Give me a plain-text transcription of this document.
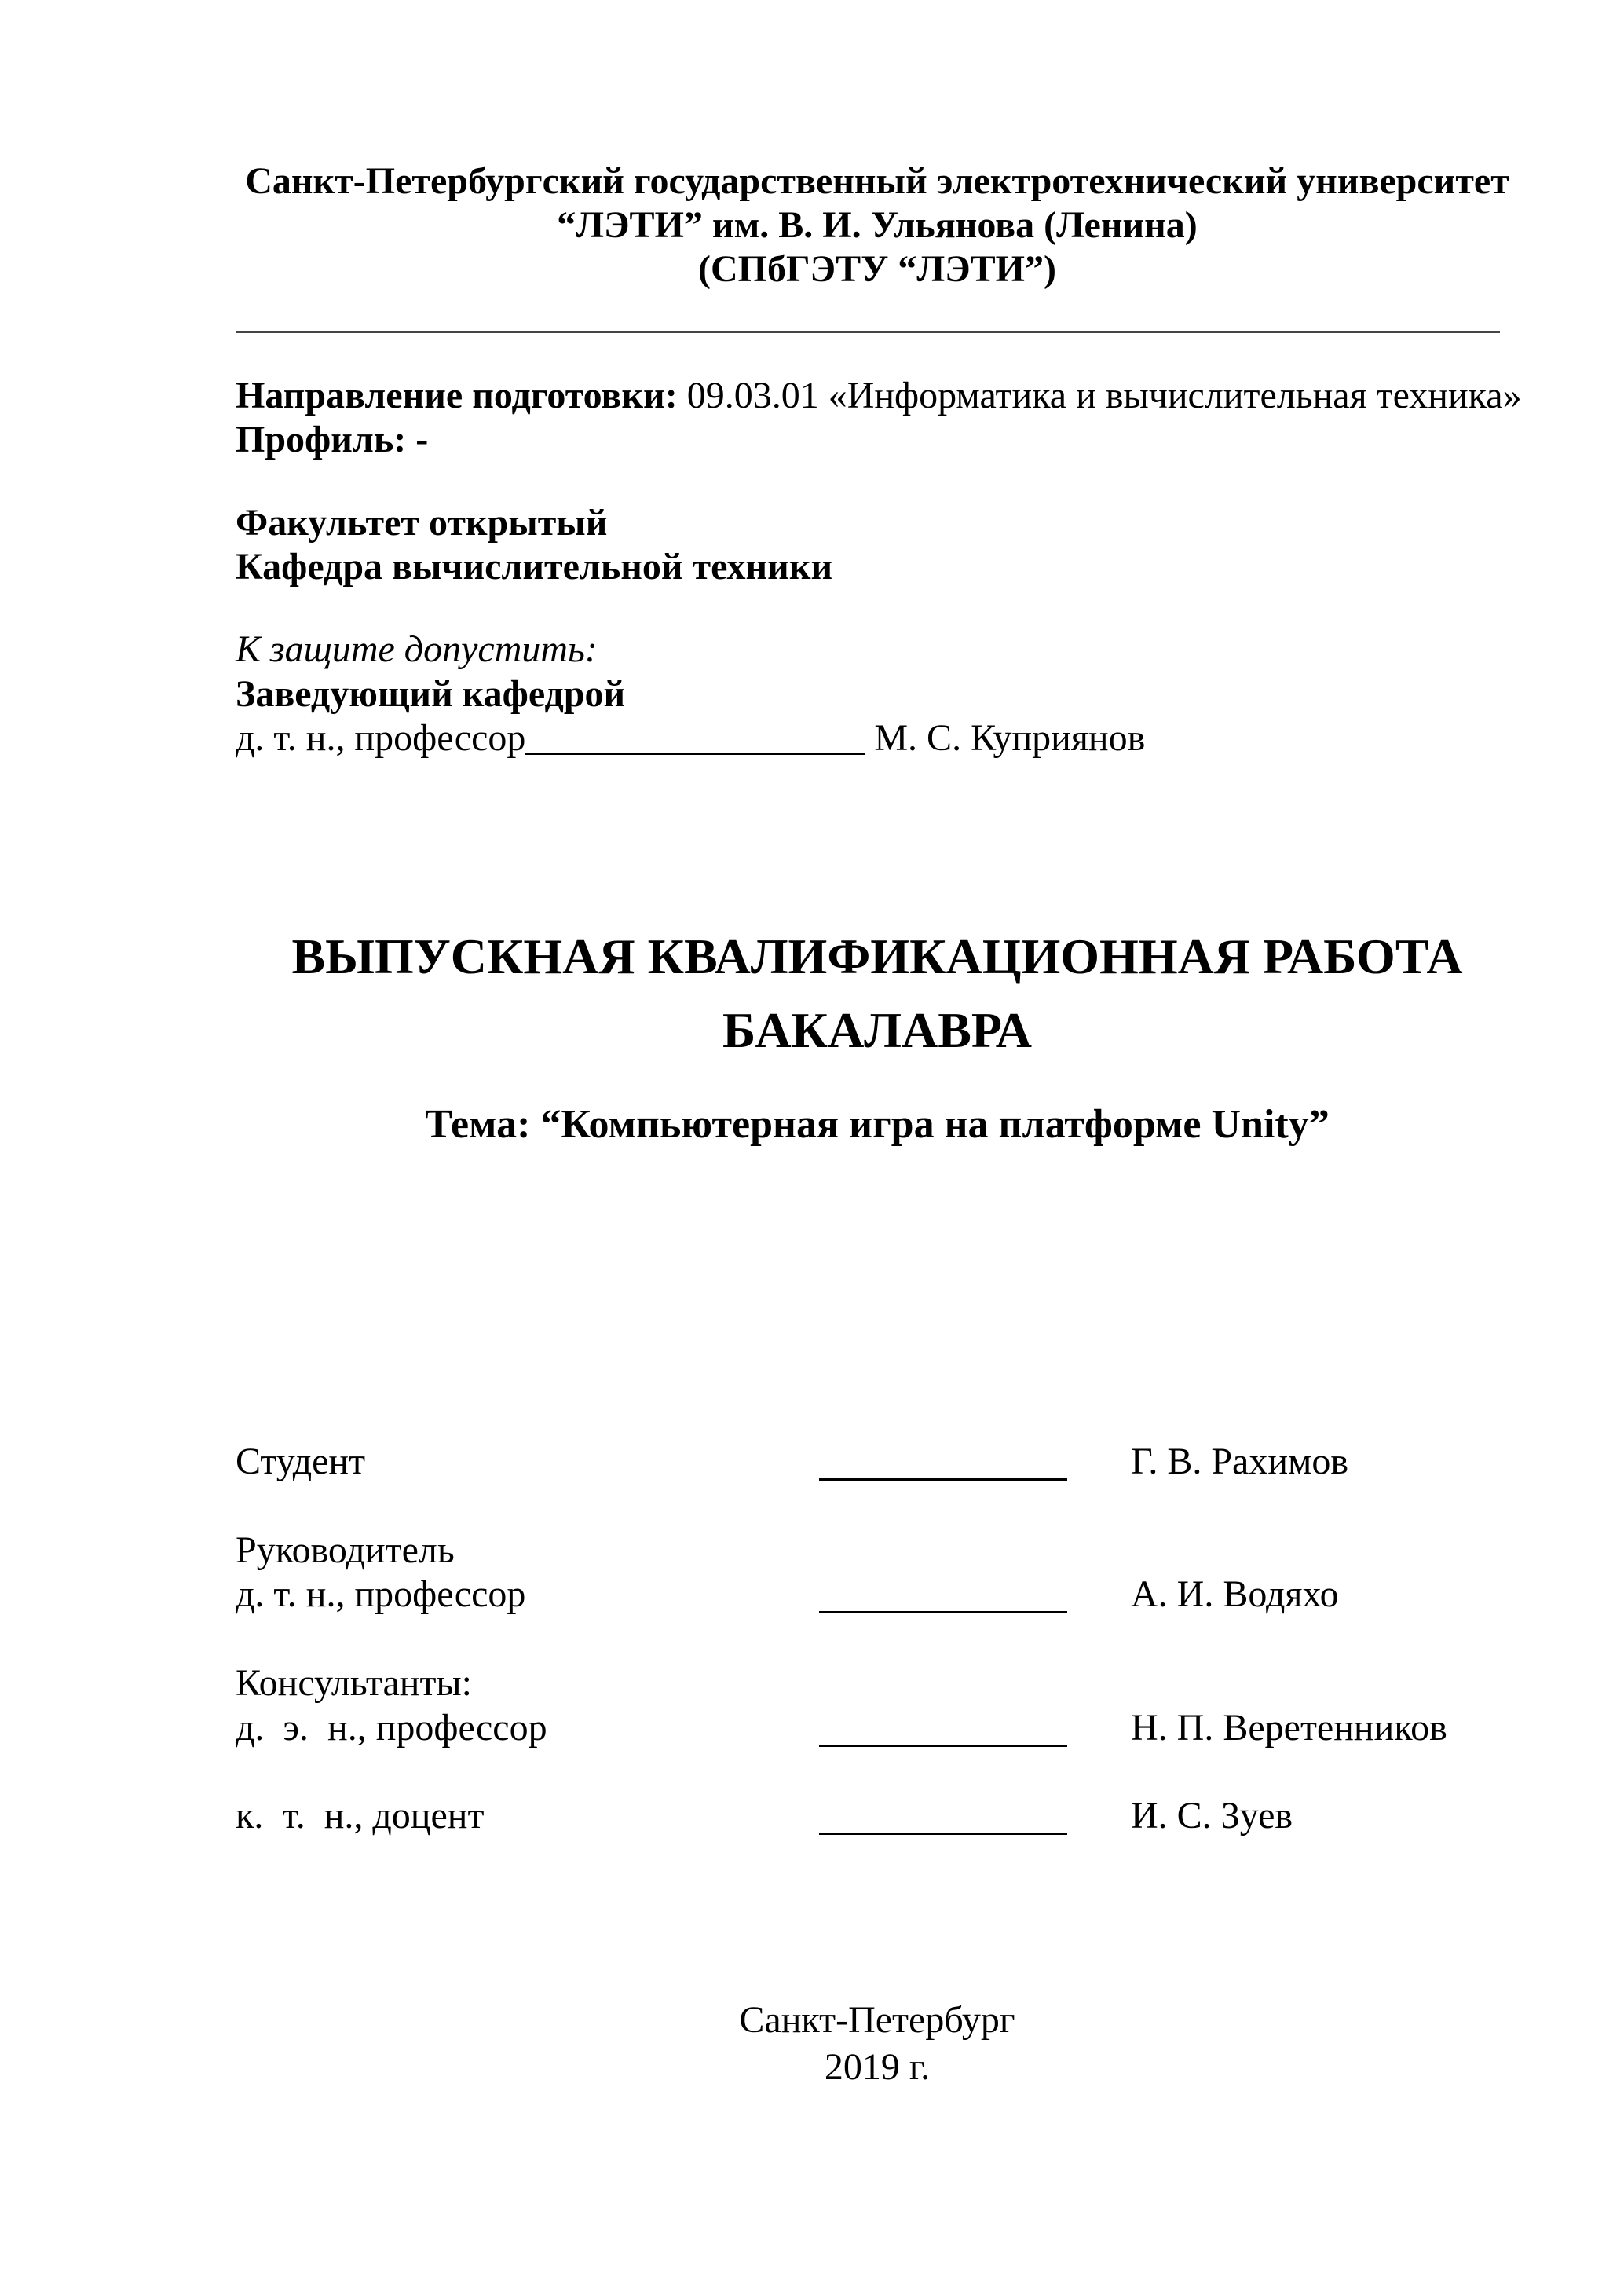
Санкт-Петербургский государственный электротехнический университет
“ЛЭТИ” им. В. И. Ульянова (Ленина)
(СПбГЭТУ “ЛЭТИ”)
Направление подготовки: 09.03.01 «Информатика и вычислительная техника»
Профиль: -
Факультет открытый
Кафедра вычислительной техники
К защите допустить:
Заведующий кафедрой
д. т. н., профессор__________________ М. С. Куприянов
ВЫПУСКНАЯ КВАЛИФИКАЦИОННАЯ РАБОТА
БАКАЛАВРА
Тема: “Компьютерная игра на платформе Unity”
Студент	Г. В. Рахимов
Руководитель
д. т. н., профессор	А. И. Водяхо
Консультанты:
д.  э.  н., профессор	Н. П. Веретенников
к.  т.  н., доцент	И. С. Зуев
Санкт-Петербург
2019 г.
